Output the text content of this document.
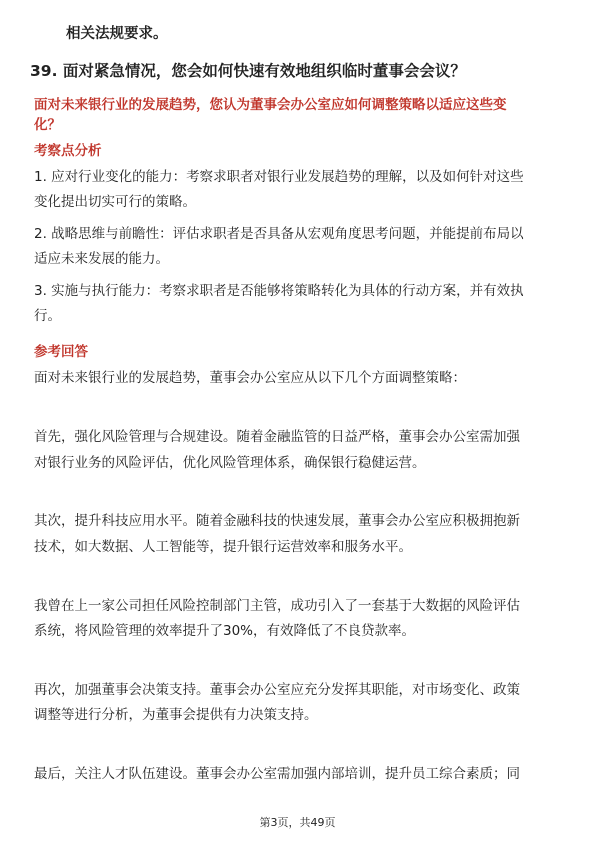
相关法规要求。
39. 面对紧急情况，您会如何快速有效地组织临时董事会会议？
面对未来银行业的发展趋势，您认为董事会办公室应如何调整策略以适应这些变
化？
考察点分析
1. 应对行业变化的能力：考察求职者对银行业发展趋势的理解，以及如何针对这些
变化提出切实可行的策略。
2. 战略思维与前瞻性：评估求职者是否具备从宏观角度思考问题，并能提前布局以
适应未来发展的能力。
3. 实施与执行能力：考察求职者是否能够将策略转化为具体的行动方案，并有效执
行。
参考回答
面对未来银行业的发展趋势，董事会办公室应从以下几个方面调整策略：
首先，强化风险管理与合规建设。随着金融监管的日益严格，董事会办公室需加强
对银行业务的风险评估，优化风险管理体系，确保银行稳健运营。
其次，提升科技应用水平。随着金融科技的快速发展，董事会办公室应积极拥抱新
技术，如大数据、人工智能等，提升银行运营效率和服务水平。
我曾在上一家公司担任风险控制部门主管，成功引入了一套基于大数据的风险评估
系统，将风险管理的效率提升了30%，有效降低了不良贷款率。
再次，加强董事会决策支持。董事会办公室应充分发挥其职能，对市场变化、政策
调整等进行分析，为董事会提供有力决策支持。
最后，关注人才队伍建设。董事会办公室需加强内部培训，提升员工综合素质；同
第3页，共49页
